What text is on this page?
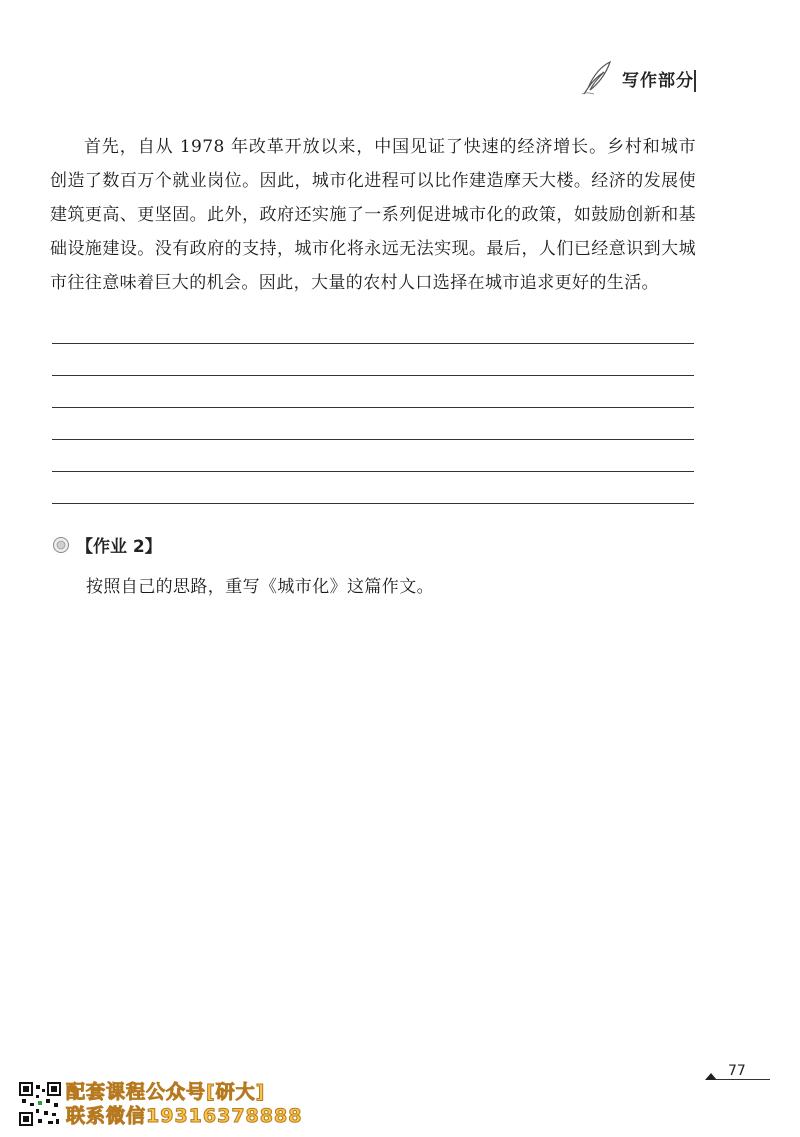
写作部分
首先，自从 1978 年改革开放以来，中国见证了快速的经济增长。乡村和城市创造了数百万个就业岗位。因此，城市化进程可以比作建造摩天大楼。经济的发展使建筑更高、更坚固。此外，政府还实施了一系列促进城市化的政策，如鼓励创新和基础设施建设。没有政府的支持，城市化将永远无法实现。最后，人们已经意识到大城市往往意味着巨大的机会。因此，大量的农村人口选择在城市追求更好的生活。
【作业 2】
按照自己的思路，重写《城市化》这篇作文。
77
配套课程公众号[研大]
联系微信19316378888
